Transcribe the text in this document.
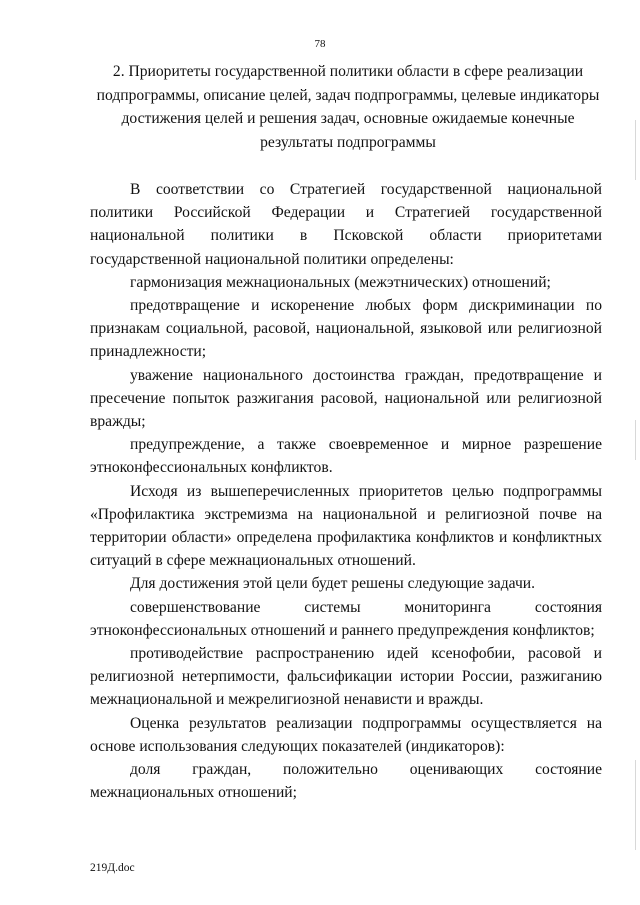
78
2. Приоритеты государственной политики области в сфере реализации подпрограммы, описание целей, задач подпрограммы, целевые индикаторы достижения целей и решения задач, основные ожидаемые конечные результаты подпрограммы

В соответствии со Стратегией государственной национальной политики Российской Федерации и Стратегией государственной национальной политики в Псковской области приоритетами государственной национальной политики определены:

гармонизация межнациональных (межэтнических) отношений;

предотвращение и искоренение любых форм дискриминации по признакам социальной, расовой, национальной, языковой или религиозной принадлежности;

уважение национального достоинства граждан, предотвращение и пресечение попыток разжигания расовой, национальной или религиозной вражды;

предупреждение, а также своевременное и мирное разрешение этноконфессиональных конфликтов.

Исходя из вышеперечисленных приоритетов целью подпрограммы «Профилактика экстремизма на национальной и религиозной почве на территории области» определена профилактика конфликтов и конфликтных ситуаций в сфере межнациональных отношений.

Для достижения этой цели будет решены следующие задачи.

совершенствование системы мониторинга состояния этноконфессиональных отношений и раннего предупреждения конфликтов;

противодействие распространению идей ксенофобии, расовой и религиозной нетерпимости, фальсификации истории России, разжиганию межнациональной и межрелигиозной ненависти и вражды.

Оценка результатов реализации подпрограммы осуществляется на основе использования следующих показателей (индикаторов):

доля граждан, положительно оценивающих состояние межнациональных отношений;

219Д.doc
